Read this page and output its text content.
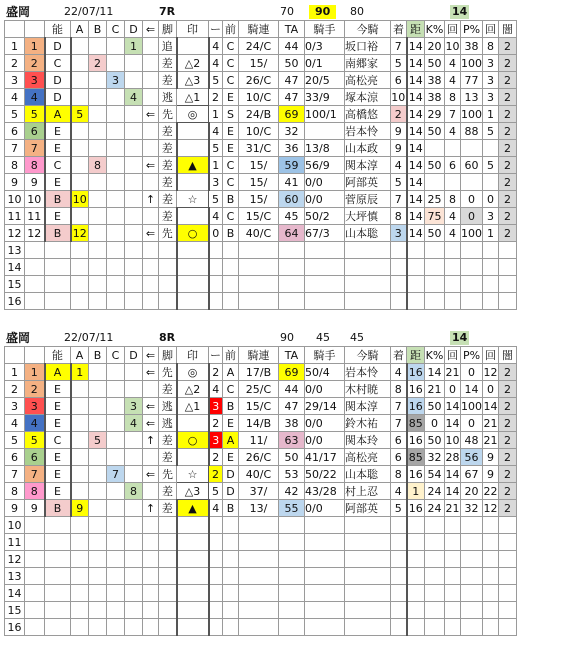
盛岡	22/07/11	7R	70	90	80	14
		能	A	B	C	D	⇐	脚	印	ー	前	騎連	TA	騎手	今騎	着	距	K%	回	P%	回	闇
1	1	D				1		追		4	C	24/C	44	0/3	坂口裕	7	14	20	10	38	8	2
2	2	C		2				差	△2	4	C	15/	50	0/1	南郷家	5	14	50	4	100	3	2
3	3	D			3			差	△3	5	C	26/C	47	20/5	高松亮	6	14	38	4	77	3	2
4	4	D				4		逃	△1	2	E	10/C	47	33/9	塚本涼	10	14	38	8	13	3	2
5	5	A	5				⇐	先	◎	1	S	24/B	69	100/1	高橋悠	2	14	29	7	100	1	2
6	6	E						差		4	E	10/C	32		岩本怜	9	14	50	4	88	5	2
7	7	E						差		5	E	31/C	36	13/8	山本政	9	14					2
8	8	C		8			⇐	差	▲	1	C	15/	59	56/9	関本淳	4	14	50	6	60	5	2
9	9	E						差		3	C	15/	41	0/0	阿部英	5	14					2
10	10	B	10				↑	差	☆	5	B	15/	60	0/0	菅原辰	7	14	25	8	0	0	2
11	11	E						差		4	C	15/C	45	50/2	大坪慎	8	14	75	4	0	3	2
12	12	B	12				⇐	先	○	0	B	40/C	64	67/3	山本聡	3	14	50	4	100	1	2
13																						
14																						
15																						
16																						
盛岡	22/07/11	8R	90 45 45	14
		能	A	B	C	D	⇐	脚	印	ー	前	騎連	TA	騎手	今騎	着	距	K%	回	P%	回	闇
1	1	A	1				⇐	先	◎	2	A	17/B	69	50/4	岩本怜	4	16	14	21	0	12	2
2	2	E						差	△2	4	C	25/C	44	0/0	木村暁	8	16	21	0	14	0	2
3	3	E				3	⇐	逃	△1	3	B	15/C	47	29/14	関本淳	7	16	50	14	100	14	2
4	4	E				4	⇐	逃		2	E	14/B	38	0/0	鈴木祐	7	85	0	14	0	21	2
5	5	C		5			↑	差	○	3	A	11/	63	0/0	関本玲	6	16	50	10	48	21	2
6	6	E						差		2	E	26/C	50	41/17	高松亮	6	85	32	28	56	9	2
7	7	E			7		⇐	先	☆	2	D	40/C	53	50/22	山本聡	8	16	54	14	67	9	2
8	8	E				8		差	△3	5	D	37/	42	43/28	村上忍	4	1	24	14	20	22	2
9	9	B	9				↑	差	▲	4	B	13/	55	0/0	阿部英	5	16	24	21	32	12	2
10																						
11																						
12																						
13																						
14																						
15																						
16																						
